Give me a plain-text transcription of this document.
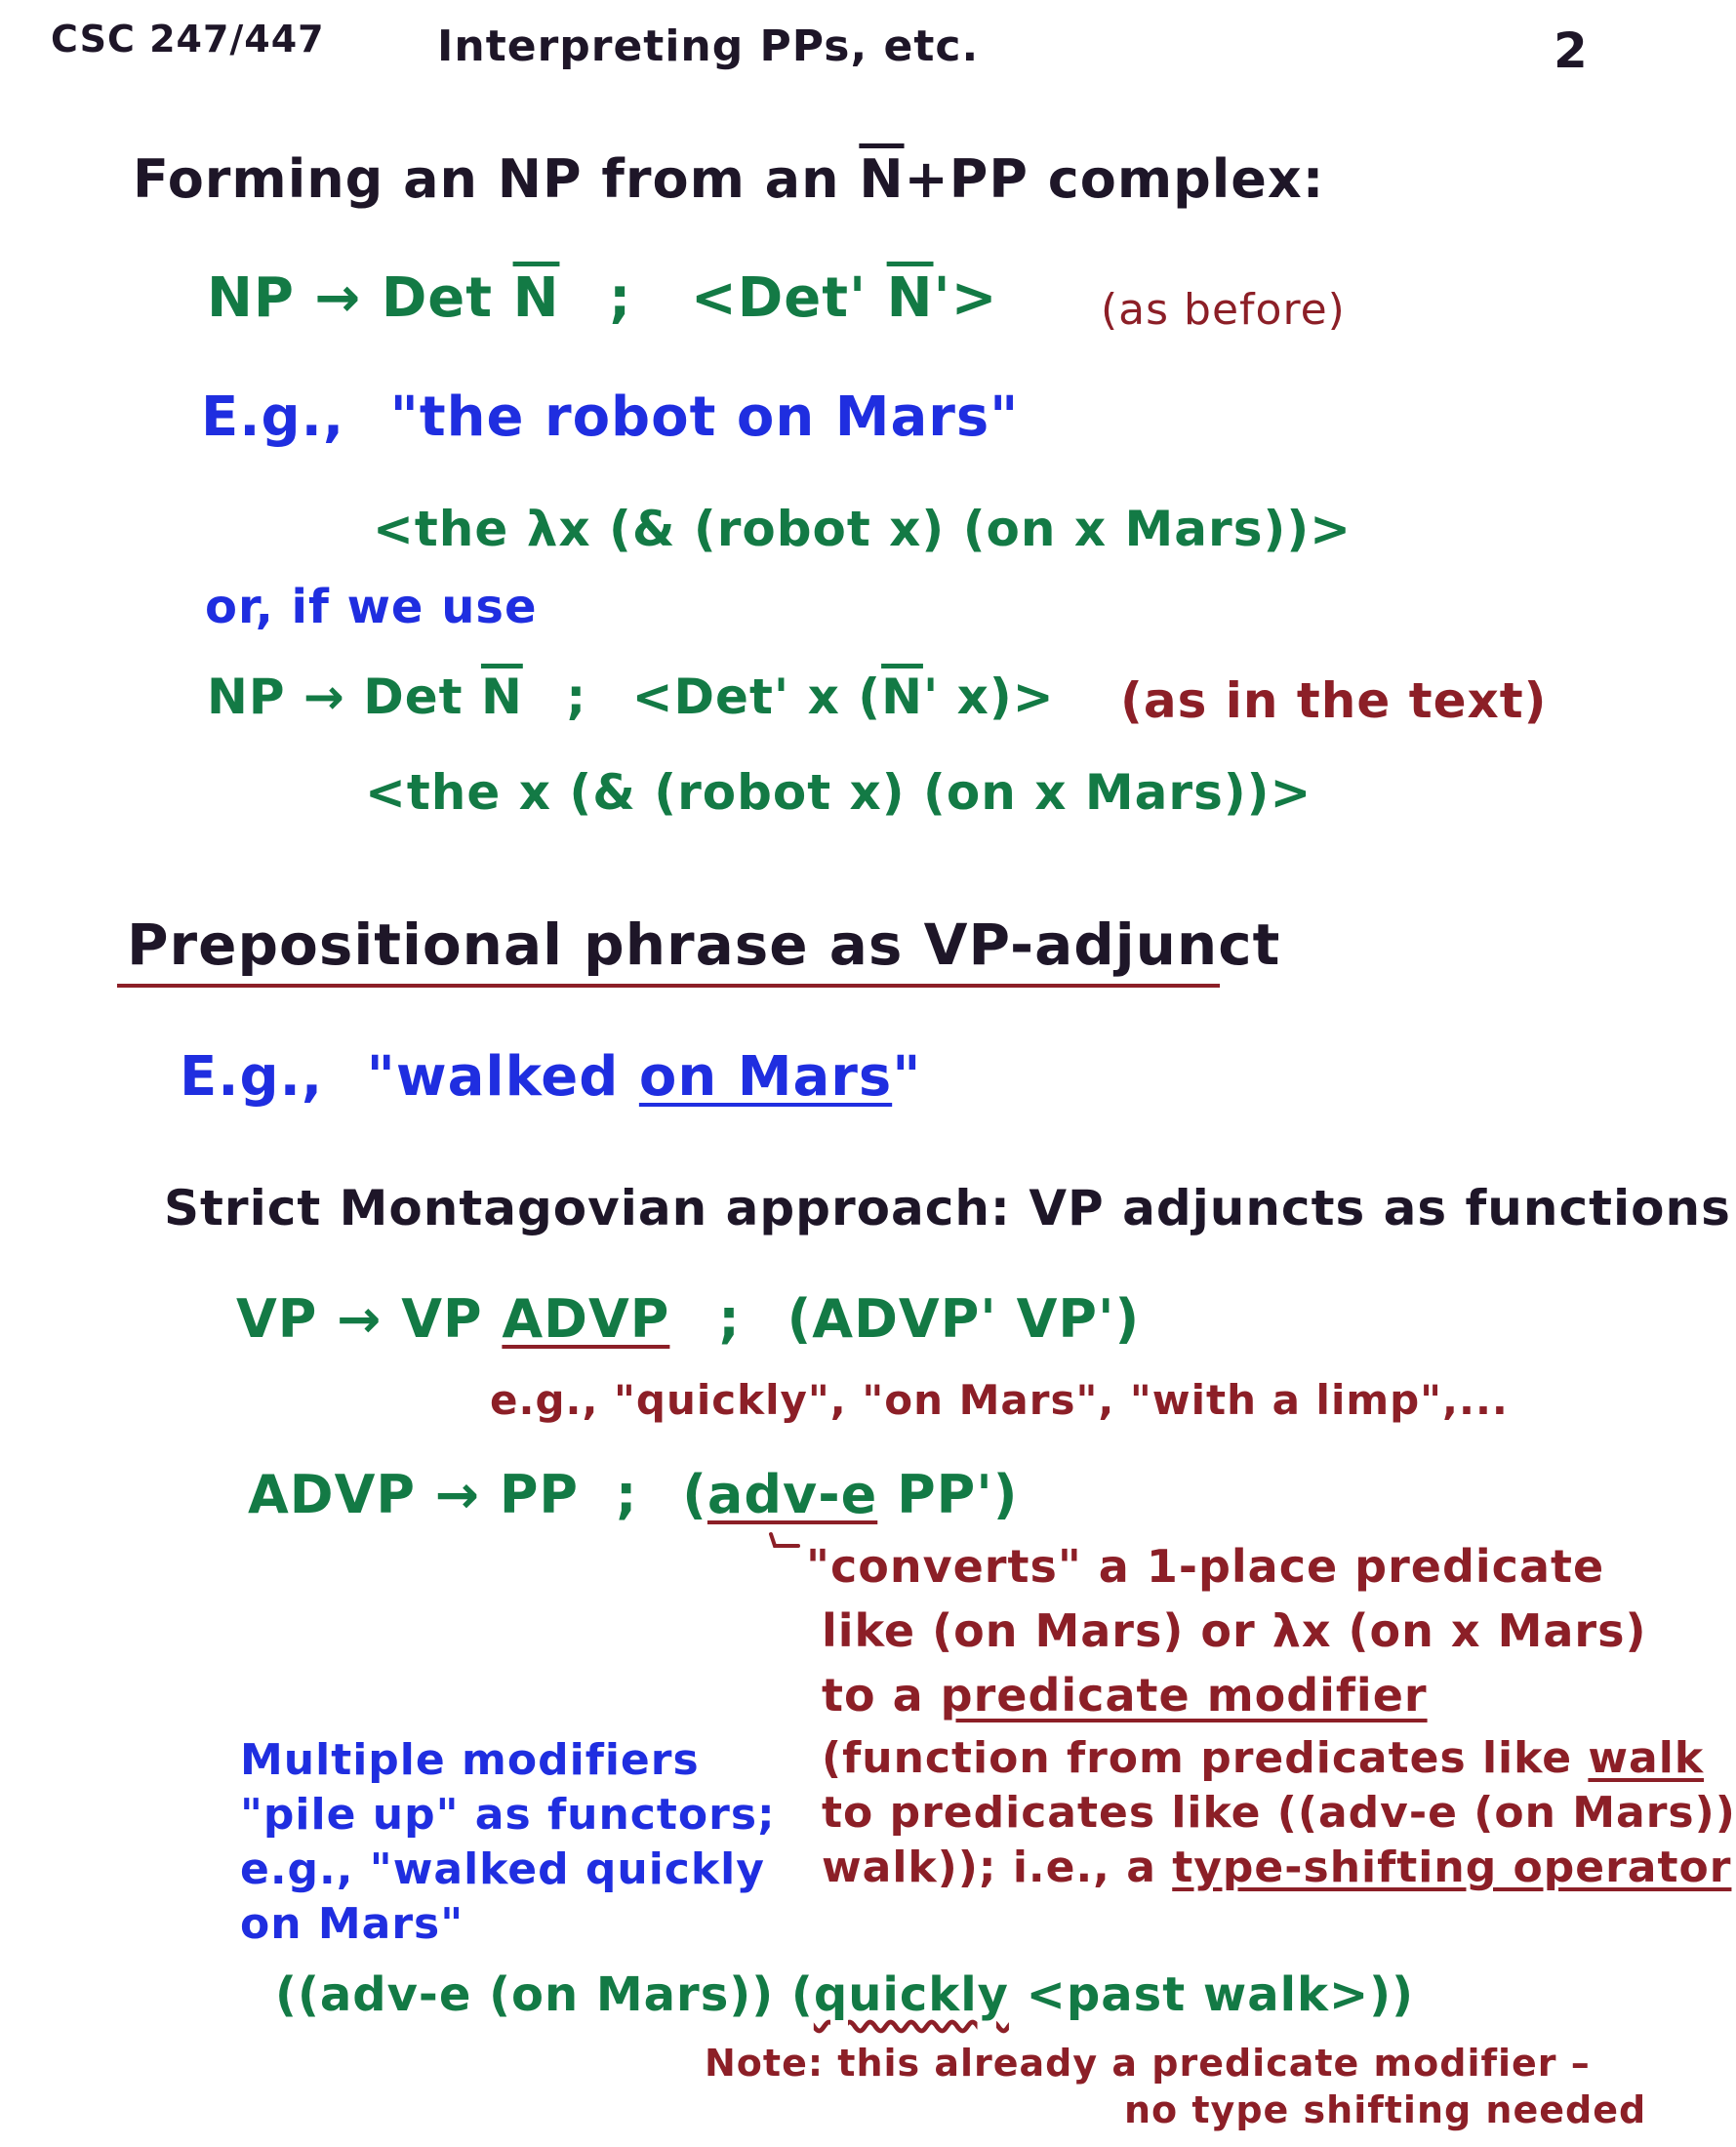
CSC 247/447	Interpreting PPs, etc.	2
Forming an NP from an $\overline{N}+PP$ complex:
NP → Det $\overline{N}$ ; <Det' $\overline{N}'> (as$ before)
E.g., "the robot on Mars"
<the λx (& (robot x) (on x Mars))>
or, if we use
NP → Det $\overline{N}$ ; <Det' x ($\overline{N}'$ x)> (as in the text)
<the x (& (robot x) (on x Mars))>
Prepositional phrase as VP-adjunct
E.g., "walked on Mars"
Strict Montagovian approach: VP adjuncts as functions
VP → VP ADVP ; (ADVP' VP')
e.g., "quickly", "on Mars", "with a limp",...
ADVP → PP ; (adv-e PP')
"converts" a 1-place predicate
like (on Mars) or λx (on x Mars)
to a predicate modifier
(function from predicates like walk
to predicates like ((adv-e (on Mars))
walk)); i.e., a type-shifting operator
Multiple modifiers
"pile up" as functors;
e.g., "walked quickly
on Mars"
((adv-e (on Mars)) (quickly <past walk>))
Note: this already a predicate modifier –
no type shifting needed
